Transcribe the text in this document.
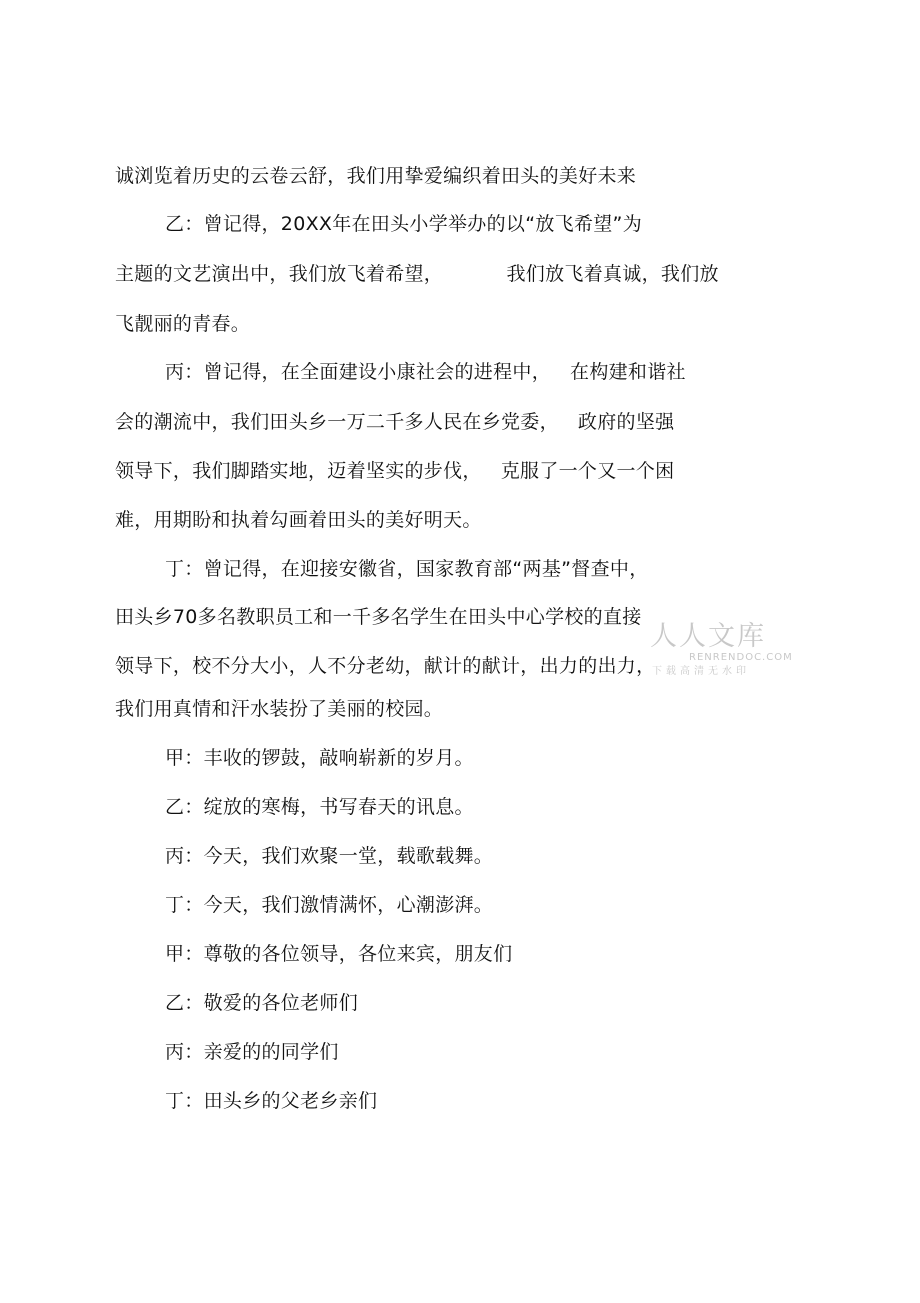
诚浏览着历史的云卷云舒，我们用挚爱编织着田头的美好未来
乙：曾记得，20XX年在田头小学举办的以“放飞希望”为
主题的文艺演出中，我们放飞着希望，          我们放飞着真诚，我们放
飞靓丽的青春。
丙：曾记得，在全面建设小康社会的进程中，   在构建和谐社
会的潮流中，我们田头乡一万二千多人民在乡党委，   政府的坚强
领导下，我们脚踏实地，迈着坚实的步伐，   克服了一个又一个困
难，用期盼和执着勾画着田头的美好明天。
丁：曾记得，在迎接安徽省，国家教育部“两基”督查中，
田头乡70多名教职员工和一千多名学生在田头中心学校的直接
领导下，校不分大小，人不分老幼，献计的献计，出力的出力，
我们用真情和汗水装扮了美丽的校园。
甲：丰收的锣鼓，敲响崭新的岁月。
乙：绽放的寒梅，书写春天的讯息。
丙：今天，我们欢聚一堂，载歌载舞。
丁：今天，我们激情满怀，心潮澎湃。
甲：尊敬的各位领导，各位来宾，朋友们
乙：敬爱的各位老师们
丙：亲爱的的同学们
丁：田头乡的父老乡亲们
人人文库
RENRENDOC.COM
下载高清无水印
